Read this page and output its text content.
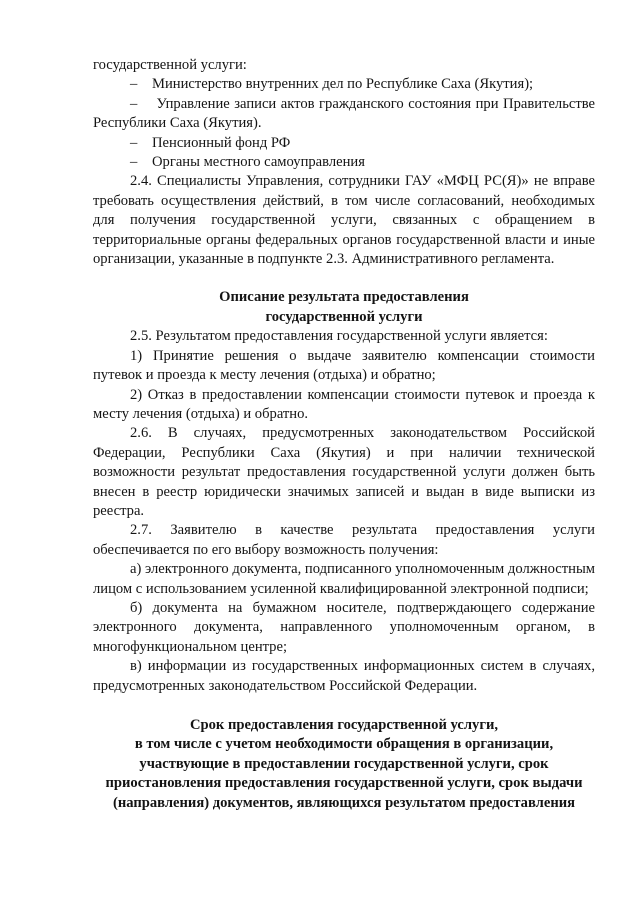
государственной услуги:

–	Министерство внутренних дел по Республике Саха (Якутия);
– Управление записи актов гражданского состояния при Правительстве Республики Саха (Якутия).
–	Пенсионный фонд РФ
–	Органы местного самоуправления

2.4. Специалисты Управления, сотрудники ГАУ «МФЦ РС(Я)» не вправе требовать осуществления действий, в том числе согласований, необходимых для получения государственной услуги, связанных с обращением в территориальные органы федеральных органов государственной власти и иные организации, указанные в подпункте 2.3. Административного регламента.

Описание результата предоставления

государственной услуги

2.5. Результатом предоставления государственной услуги является:

1) Принятие решения о выдаче заявителю компенсации стоимости путевок и проезда к месту лечения (отдыха) и обратно;

2) Отказ в предоставлении компенсации стоимости путевок и проезда к месту лечения (отдыха) и обратно.

2.6. В случаях, предусмотренных законодательством Российской Федерации, Республики Саха (Якутия) и при наличии технической возможности результат предоставления государственной услуги должен быть внесен в реестр юридически значимых записей и выдан в виде выписки из реестра.

2.7. Заявителю в качестве результата предоставления услуги обеспечивается по его выбору возможность получения:

а) электронного документа, подписанного уполномоченным должностным лицом с использованием усиленной квалифицированной электронной подписи;

б) документа на бумажном носителе, подтверждающего содержание электронного документа, направленного уполномоченным органом, в многофункциональном центре;

в) информации из государственных информационных систем в случаях, предусмотренных законодательством Российской Федерации.

Срок предоставления государственной услуги,

в том числе с учетом необходимости обращения в организации,

участвующие в предоставлении государственной услуги, срок

приостановления предоставления государственной услуги, срок выдачи

(направления) документов, являющихся результатом предоставления
